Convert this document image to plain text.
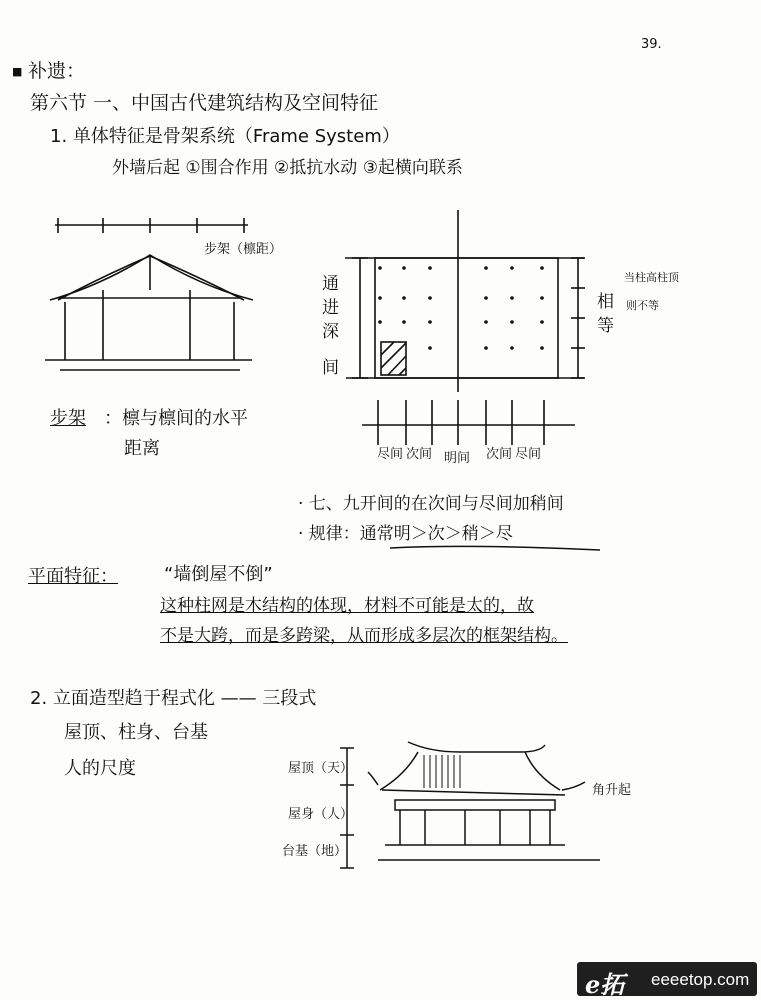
39.
■ 补遗：
第六节 一、中国古代建筑结构及空间特征
1. 单体特征是骨架系统（Frame System）
外墙后起 ①围合作用 ②抵抗水动 ③起横向联系
步架（檩距）
步架 ：檩与檩间的水平
距离
通
进
深
间
相
等
当柱高柱顶
则不等
尽间 次间 明间 次间 尽间
· 七、九开间的在次间与尽间加稍间
· 规律：通常明＞次＞稍＞尽
平面特征：	“墙倒屋不倒”
这种柱网是木结构的体现，材料不可能是太的，故
不是大跨，而是多跨梁，从而形成多层次的框架结构。
2. 立面造型趋于程式化 —— 三段式
屋顶、柱身、台基
人的尺度	屋顶（天）
屋身（人）
台基（地）
角升起
e拓 eeeetop.com
